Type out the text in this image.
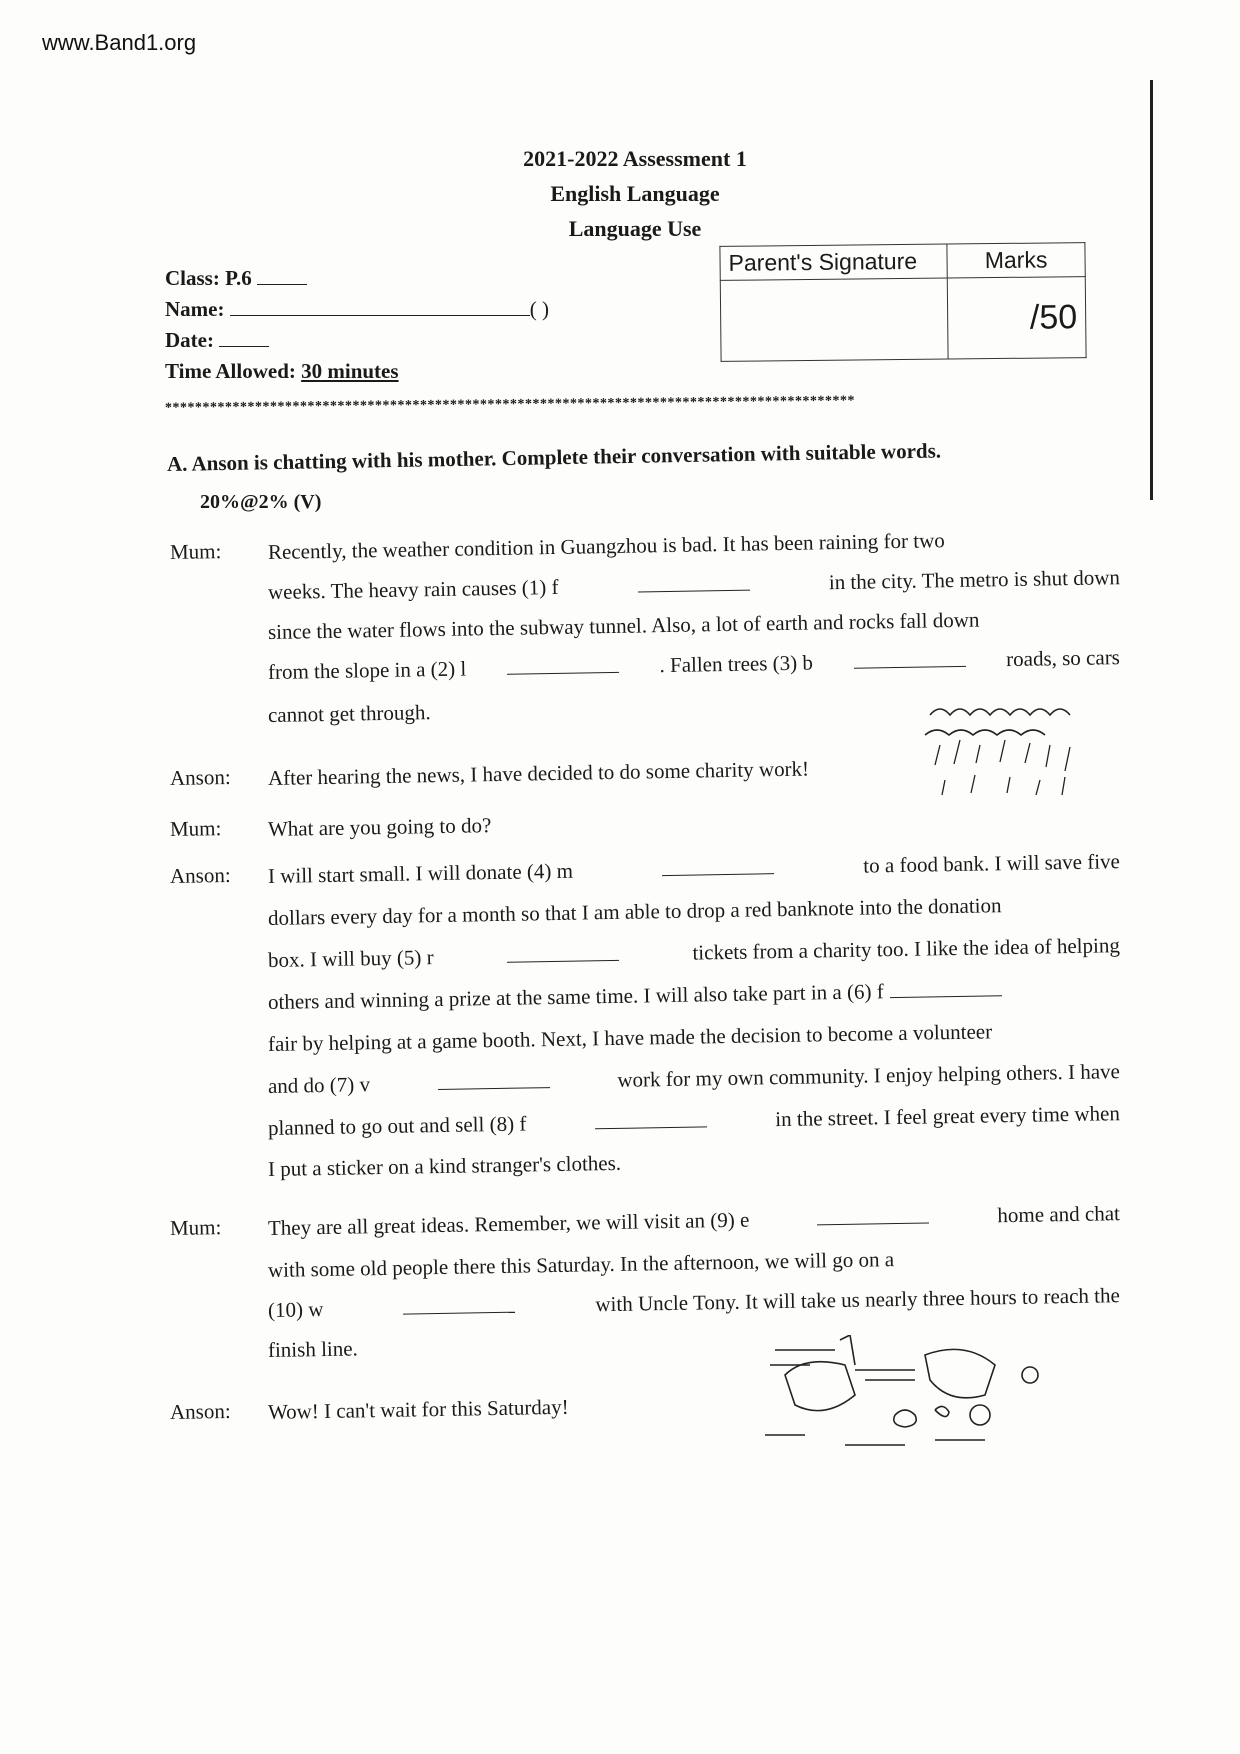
www.Band1.org
2021-2022 Assessment 1
English Language
Language Use
Class: P.6
Name:	( )
Date:
Time Allowed: 30 minutes
Parent's Signature	Marks
	/50
********************************************************************************************
A. Anson is chatting with his mother. Complete their conversation with suitable words.
20%@2% (V)
Mum: Recently, the weather condition in Guangzhou is bad. It has been raining for two
weeks. The heavy rain causes (1) f	in the city. The metro is shut down
since the water flows into the subway tunnel. Also, a lot of earth and rocks fall down
from the slope in a (2) l	. Fallen trees (3) b	roads, so cars
cannot get through.
Anson: After hearing the news, I have decided to do some charity work!
Mum: What are you going to do?
Anson: I will start small. I will donate (4) m	to a food bank. I will save five
dollars every day for a month so that I am able to drop a red banknote into the donation
box. I will buy (5) r	tickets from a charity too. I like the idea of helping
others and winning a prize at the same time. I will also take part in a (6) f
fair by helping at a game booth. Next, I have made the decision to become a volunteer
and do (7) v	work for my own community. I enjoy helping others. I have
planned to go out and sell (8) f	in the street. I feel great every time when
I put a sticker on a kind stranger's clothes.
Mum: They are all great ideas. Remember, we will visit an (9) e	home and chat
with some old people there this Saturday. In the afternoon, we will go on a
(10) w	with Uncle Tony. It will take us nearly three hours to reach the
finish line.
Anson: Wow! I can't wait for this Saturday!
